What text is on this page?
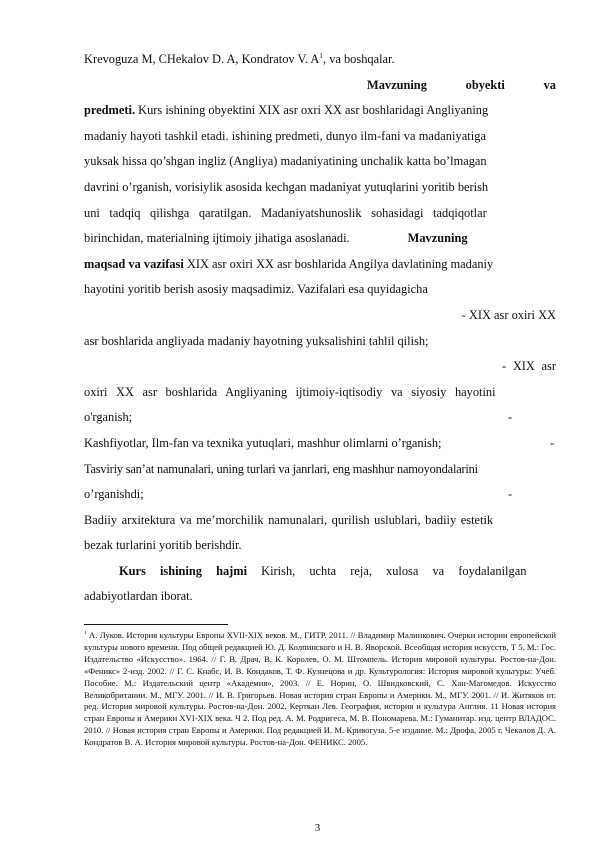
Krevoguza M, CHekalov D. A, Kondratov V. $A^1$, va boshqalar.
Mavzuning	obyekti	va
predmeti. Kurs ishining obyektini XIX asr oxri XX asr boshlaridagi Angliyaning
madaniy hayoti tashkil etadi. ishining predmeti, dunyo ilm-fani va madaniyatiga
yuksak hissa qo’shgan ingliz (Angliya) madaniyatining unchalik katta bo’lmagan
davrini o’rganish, vorisiylik asosida kechgan madaniyat yutuqlarini yoritib berish
uni tadqiq qilishga qaratilgan. Madaniyatshunoslik sohasidagi tadqiqotlar
birinchidan, materialning ijtimoiy jihatiga asoslanadi.	Mavzuning
maqsad va vazifasi XIX asr oxiri XX asr boshlarida Angilya davlatining madaniy
hayotini yoritib berish asosiy maqsadimiz. Vazifalari esa quyidagicha
- XIX asr oxiri XX
asr boshlarida angliyada madaniy hayotning yuksalishini tahlil qilish;
- XIX asr
oxiri XX asr boshlarida Angliyaning ijtimoiy-iqtisodiy va siyosiy hayotini
o'rganish;	-
Kashfiyotlar, Ilm-fan va texnika yutuqlari, mashhur olimlarni o’rganish;	-
Tasviriy san’at namunalari, uning turlari va janrlari, eng mashhur namoyondalarini
o’rganishdi;	-
Badiiy arxitektura va me’morchilik namunalari, qurilish uslublari, badiiy estetik
bezak turlarini yoritib berishdir.
Kurs ishining hajmi Kirish, uchta reja, xulosa va foydalanilgan
adabiyotlardan iborat.
$^1$ А. Луков. История культуры Европы XVII-XIX веков. М., ГИТР. 2011. // Владимир Малинкович. Очерки истории европейской культуры нового времени. Под общей редакцией Ю. Д. Колпинского и Н. В. Яворской. Всеобщая история искусств, Т 5. М.: Гос. Издательство «Искусство». 1964. // Г. В. Драч, В. К. Королев, О. М. Штомпель. История мировой культуры. Ростов-на-Дон. «Феникс» 2-изд. 2002. // Г. С. Кнабс, И. В. Кондаков, Т. Ф. Кузнецова и др. Культурология: История мировой культуры: Учеб. Пособие. М.: Издательский центр «Академия», 2003. // Е. Норин, О. Швидковский, С. Хан-Магомедов. Искусство Великобритании. М., МГУ. 2001. // И. В. Григорьев. Новая история стран Европы и Америки. М., МГУ. 2001. // И. Житяков от. ред. История мировой культуры. Ростов-на-Дон. 2002. Керткан Лев. География, история и культура Англия. 11 Новая история стран Европы и Америки XVI-XIX века. Ч 2. Под ред. А. М. Родригеса, М. В. Пономарева. М.: Гуманитар. изд. центр ВЛАДОС. 2010. // Новая история стран Европы и Америки. Под редакцией И. М. Кривогуза. 5-е издание. М.: Дрофа, 2005 г. Чекалов Д. А. Кондратов В. А. История мировой культуры. Ростов-на-Дон. ФЕНИКС. 2005.
3
